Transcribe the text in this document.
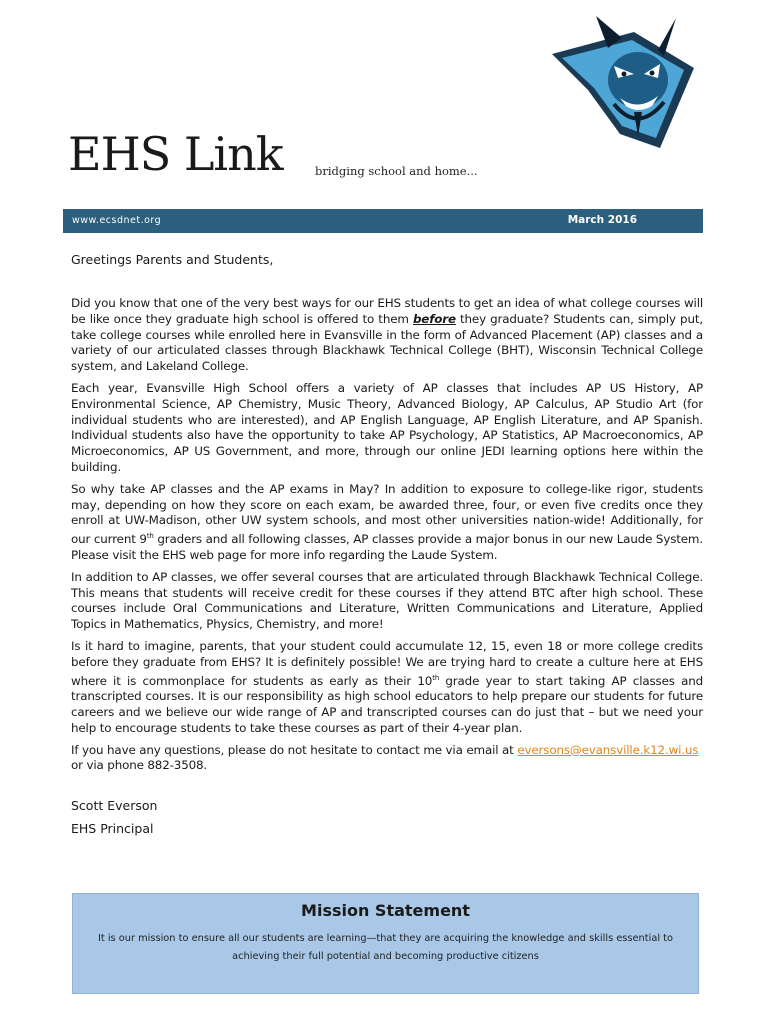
EHS Link	bridging school and home...
www.ecsdnet.org	March 2016
Greetings Parents and Students,

Did you know that one of the very best ways for our EHS students to get an idea of what college courses will be like once they graduate high school is offered to them before they graduate? Students can, simply put, take college courses while enrolled here in Evansville in the form of Advanced Placement (AP) classes and a variety of our articulated classes through Blackhawk Technical College (BHT), Wisconsin Technical College system, and Lakeland College.

Each year, Evansville High School offers a variety of AP classes that includes AP US History, AP Environmental Science, AP Chemistry, Music Theory, Advanced Biology, AP Calculus, AP Studio Art (for individual students who are interested), and AP English Language, AP English Literature, and AP Spanish. Individual students also have the opportunity to take AP Psychology, AP Statistics, AP Macroeconomics, AP Microeconomics, AP US Government, and more, through our online JEDI learning options here within the building.

So why take AP classes and the AP exams in May? In addition to exposure to college-like rigor, students may, depending on how they score on each exam, be awarded three, four, or even five credits once they enroll at UW-Madison, other UW system schools, and most other universities nation-wide! Additionally, for our current 9th graders and all following classes, AP classes provide a major bonus in our new Laude System. Please visit the EHS web page for more info regarding the Laude System.

In addition to AP classes, we offer several courses that are articulated through Blackhawk Technical College. This means that students will receive credit for these courses if they attend BTC after high school. These courses include Oral Communications and Literature, Written Communications and Literature, Applied Topics in Mathematics, Physics, Chemistry, and more!

Is it hard to imagine, parents, that your student could accumulate 12, 15, even 18 or more college credits before they graduate from EHS? It is definitely possible! We are trying hard to create a culture here at EHS where it is commonplace for students as early as their 10th grade year to start taking AP classes and transcripted courses. It is our responsibility as high school educators to help prepare our students for future careers and we believe our wide range of AP and transcripted courses can do just that – but we need your help to encourage students to take these courses as part of their 4-year plan.

If you have any questions, please do not hesitate to contact me via email at eversons@evansville.k12.wi.us or via phone 882-3508.

Scott Everson
EHS Principal
Mission Statement
It is our mission to ensure all our students are learning—that they are acquiring the knowledge and skills essential to achieving their full potential and becoming productive citizens
